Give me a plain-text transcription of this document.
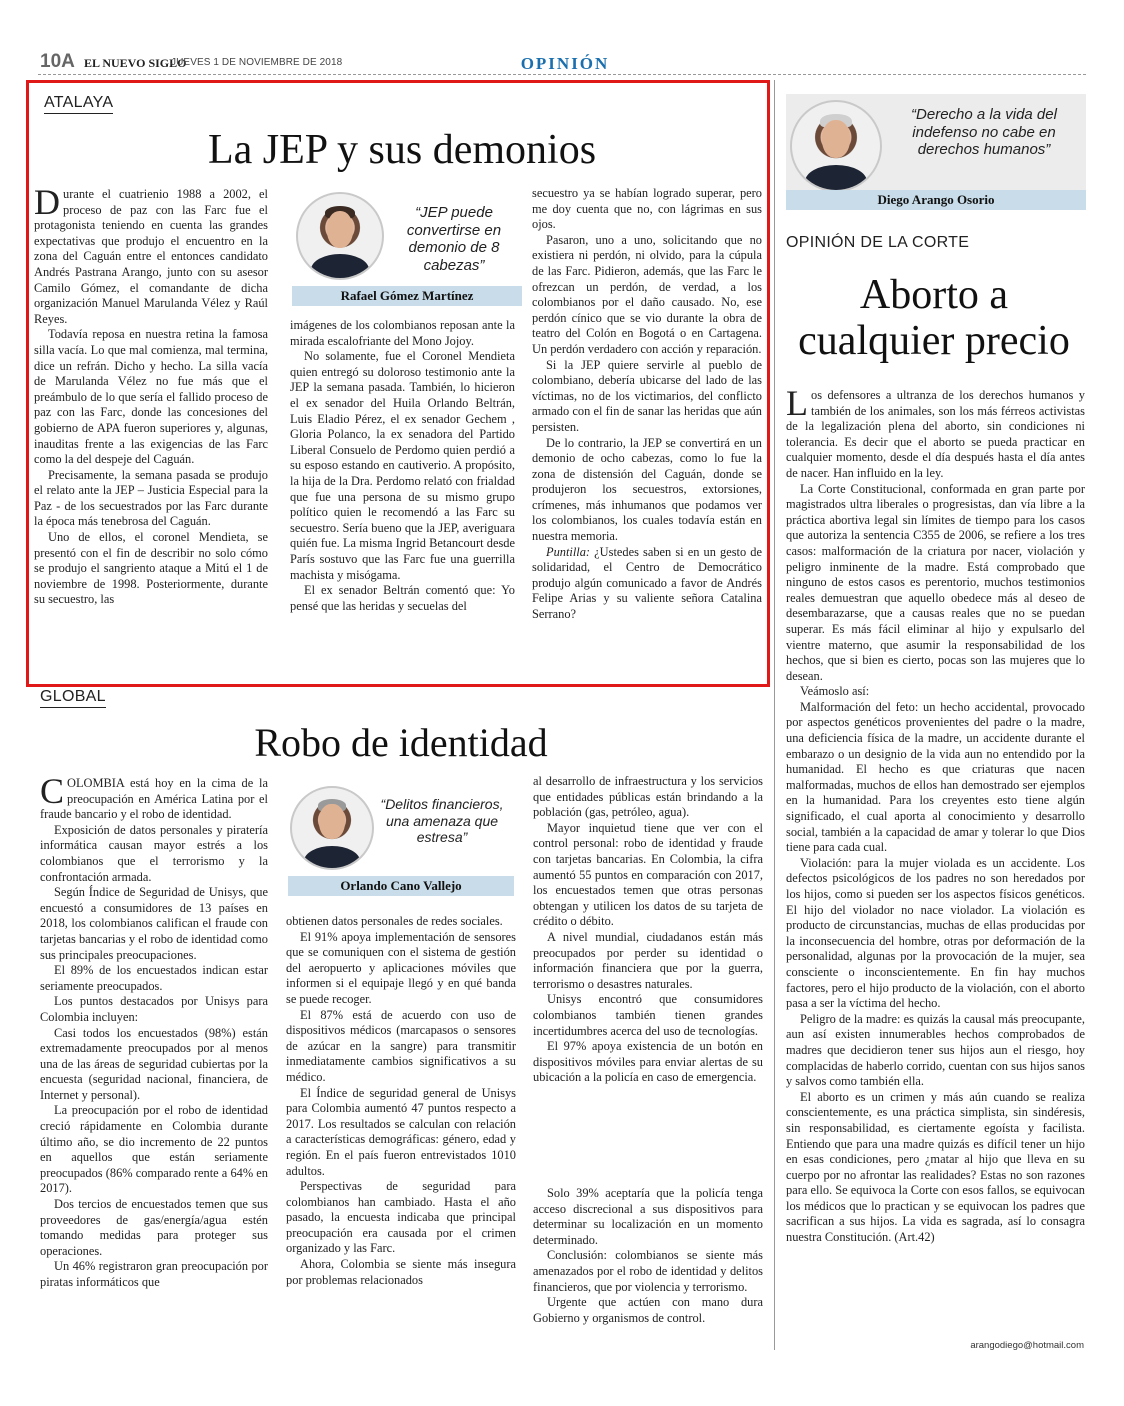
10A EL NUEVO SIGLO
JUEVES 1 DE NOVIEMBRE DE 2018	OPINIÓN
ATALAYA
La JEP y sus demonios

Durante el cuatrienio 1988 a 2002, el proceso de paz con las Farc fue el protagonista teniendo en cuenta las grandes expectativas que produjo el encuentro en la zona del Caguán entre el entonces candidato Andrés Pastrana Arango, junto con su asesor Camilo Gómez, el comandante de dicha organización Manuel Marulanda Vélez y Raúl Reyes.

Todavía reposa en nuestra retina la famosa silla vacía. Lo que mal comienza, mal termina, dice un refrán. Dicho y hecho. La silla vacía de Marulanda Vélez no fue más que el preámbulo de lo que sería el fallido proceso de paz con las Farc, donde las concesiones del gobierno de APA fueron superiores y, algunas, inauditas frente a las exigencias de las Farc como la del despeje del Caguán.

Precisamente, la semana pasada se produjo el relato ante la JEP – Justicia Especial para la Paz - de los secuestrados por las Farc durante la época más tenebrosa del Caguán.

Uno de ellos, el coronel Mendieta, se presentó con el fin de describir no solo cómo se produjo el sangriento ataque a Mitú el 1 de noviembre de 1998. Posteriormente, durante su secuestro, las

“JEP puede convertirse en demonio de 8 cabezas”
Rafael Gómez Martínez

imágenes de los colombianos reposan ante la mirada escalofriante del Mono Jojoy.

No solamente, fue el Coronel Mendieta quien entregó su doloroso testimonio ante la JEP la semana pasada. También, lo hicieron el ex senador del Huila Orlando Beltrán, Luis Eladio Pérez, el ex senador Gechem , Gloria Polanco, la ex senadora del Partido Liberal Consuelo de Perdomo quien perdió a su esposo estando en cautiverio. A propósito, la hija de la Dra. Perdomo relató con frialdad que fue una persona de su mismo grupo político quien le recomendó a las Farc su secuestro. Sería bueno que la JEP, averiguara quién fue. La misma Ingrid Betancourt desde París sostuvo que las Farc fue una guerrilla machista y misógama.

El ex senador Beltrán comentó que: Yo pensé que las heridas y secuelas del

secuestro ya se habían logrado superar, pero me doy cuenta que no, con lágrimas en sus ojos.

Pasaron, uno a uno, solicitando que no existiera ni perdón, ni olvido, para la cúpula de las Farc. Pidieron, además, que las Farc le ofrezcan un perdón, de verdad, a los colombianos por el daño causado. No, ese perdón cínico que se vio durante la obra de teatro del Colón en Bogotá o en Cartagena. Un perdón verdadero con acción y reparación.

Si la JEP quiere servirle al pueblo de colombiano, debería ubicarse del lado de las víctimas, no de los victimarios, del conflicto armado con el fin de sanar las heridas que aún persisten.

De lo contrario, la JEP se convertirá en un demonio de ocho cabezas, como lo fue la zona de distensión del Caguán, donde se produjeron los secuestros, extorsiones, crímenes, más inhumanos que podamos ver los colombianos, los cuales todavía están en nuestra memoria.

Puntilla: ¿Ustedes saben si en un gesto de solidaridad, el Centro de Democrático produjo algún comunicado a favor de Andrés Felipe Arias y su valiente señora Catalina Serrano?

GLOBAL
Robo de identidad

COLOMBIA está hoy en la cima de la preocupación en América Latina por el fraude bancario y el robo de identidad.

Exposición de datos personales y piratería informática causan mayor estrés a los colombianos que el terrorismo y la confrontación armada.

Según Índice de Seguridad de Unisys, que encuestó a consumidores de 13 países en 2018, los colombianos califican el fraude con tarjetas bancarias y el robo de identidad como sus principales preocupaciones.

El 89% de los encuestados indican estar seriamente preocupados.

Los puntos destacados por Unisys para Colombia incluyen:

Casi todos los encuestados (98%) están extremadamente preocupados por al menos una de las áreas de seguridad cubiertas por la encuesta (seguridad nacional, financiera, de Internet y personal).

La preocupación por el robo de identidad creció rápidamente en Colombia durante último año, se dio incremento de 22 puntos en aquellos que están seriamente preocupados (86% comparado rente a 64% en 2017).

Dos tercios de encuestados temen que sus proveedores de gas/energía/agua estén tomando medidas para proteger sus operaciones.

Un 46% registraron gran preocupación por piratas informáticos que

“Delitos financieros, una amenaza que estresa”
Orlando Cano Vallejo

obtienen datos personales de redes sociales.

El 91% apoya implementación de sensores que se comuniquen con el sistema de gestión del aeropuerto y aplicaciones móviles que informen si el equipaje llegó y en qué banda se puede recoger.

El 87% está de acuerdo con uso de dispositivos médicos (marcapasos o sensores de azúcar en la sangre) para transmitir inmediatamente cambios significativos a su médico.

El Índice de seguridad general de Unisys para Colombia aumentó 47 puntos respecto a 2017. Los resultados se calculan con relación a características demográficas: género, edad y región. En el país fueron entrevistados 1010 adultos.

Perspectivas de seguridad para colombianos han cambiado. Hasta el año pasado, la encuesta indicaba que principal preocupación era causada por el crimen organizado y las Farc.

Ahora, Colombia se siente más insegura por problemas relacionados

al desarrollo de infraestructura y los servicios que entidades públicas están brindando a la población (gas, petróleo, agua).

Mayor inquietud tiene que ver con el control personal: robo de identidad y fraude con tarjetas bancarias. En Colombia, la cifra aumentó 55 puntos en comparación con 2017, los encuestados temen que otras personas obtengan y utilicen los datos de su tarjeta de crédito o débito.

A nivel mundial, ciudadanos están más preocupados por perder su identidad o información financiera que por la guerra, terrorismo o desastres naturales.

Unisys encontró que consumidores colombianos también tienen grandes incertidumbres acerca del uso de tecnologías.

El 97% apoya existencia de un botón en dispositivos móviles para enviar alertas de su ubicación a la policía en caso de emergencia.

Solo 39% aceptaría que la policía tenga acceso discrecional a sus dispositivos para determinar su localización en un momento determinado.

Conclusión: colombianos se siente más amenazados por el robo de identidad y delitos financieros, que por violencia y terrorismo.

Urgente que actúen con mano dura Gobierno y organismos de control.

“Derecho a la vida del indefenso no cabe en derechos humanos”
Diego Arango Osorio
OPINIÓN DE LA CORTE
Aborto a
cualquier precio

Los defensores a ultranza de los derechos humanos y también de los animales, son los más férreos activistas de la legalización plena del aborto, sin condiciones ni tolerancia. Es decir que el aborto se pueda practicar en cualquier momento, desde el día después hasta el día antes de nacer. Han influido en la ley.

La Corte Constitucional, conformada en gran parte por magistrados ultra liberales o progresistas, dan vía libre a la práctica abortiva legal sin límites de tiempo para los casos que autoriza la sentencia C355 de 2006, se refiere a los tres casos: malformación de la criatura por nacer, violación y peligro inminente de la madre. Está comprobado que ninguno de estos casos es perentorio, muchos testimonios reales demuestran que aquello obedece más al deseo de desembarazarse, que a causas reales que no se puedan superar. Es más fácil eliminar al hijo y expulsarlo del vientre materno, que asumir la responsabilidad de los hechos, que si bien es cierto, pocas son las mujeres que lo desean.

Veámoslo así:

Malformación del feto: un hecho accidental, provocado por aspectos genéticos provenientes del padre o la madre, una deficiencia física de la madre, un accidente durante el embarazo o un designio de la vida aun no entendido por la humanidad. El hecho es que criaturas que nacen malformadas, muchos de ellos han demostrado ser ejemplos en la humanidad. Para los creyentes esto tiene algún significado, el cual aporta al conocimiento y desarrollo social, también a la capacidad de amar y tolerar lo que Dios tiene para cada cual.

Violación: para la mujer violada es un accidente. Los defectos psicológicos de los padres no son heredados por los hijos, como si pueden ser los aspectos físicos genéticos. El hijo del violador no nace violador. La violación es producto de circunstancias, muchas de ellas producidas por la inconsecuencia del hombre, otras por deformación de la personalidad, algunas por la provocación de la mujer, sea consciente o inconscientemente. En fin hay muchos factores, pero el hijo producto de la violación, con el aborto pasa a ser la víctima del hecho.

Peligro de la madre: es quizás la causal más preocupante, aun así existen innumerables hechos comprobados de madres que decidieron tener sus hijos aun el riesgo, hoy complacidas de haberlo corrido, cuentan con sus hijos sanos y salvos como también ella.

El aborto es un crimen y más aún cuando se realiza conscientemente, es una práctica simplista, sin sindéresis, sin responsabilidad, es ciertamente egoísta y facilista. Entiendo que para una madre quizás es difícil tener un hijo en esas condiciones, pero ¿matar al hijo que lleva en su cuerpo por no afrontar las realidades? Estas no son razones para ello. Se equivoca la Corte con esos fallos, se equivocan los médicos que lo practican y se equivocan los padres que sacrifican a sus hijos. La vida es sagrada, así lo consagra nuestra Constitución. (Art.42)

arangodiego@hotmail.com
